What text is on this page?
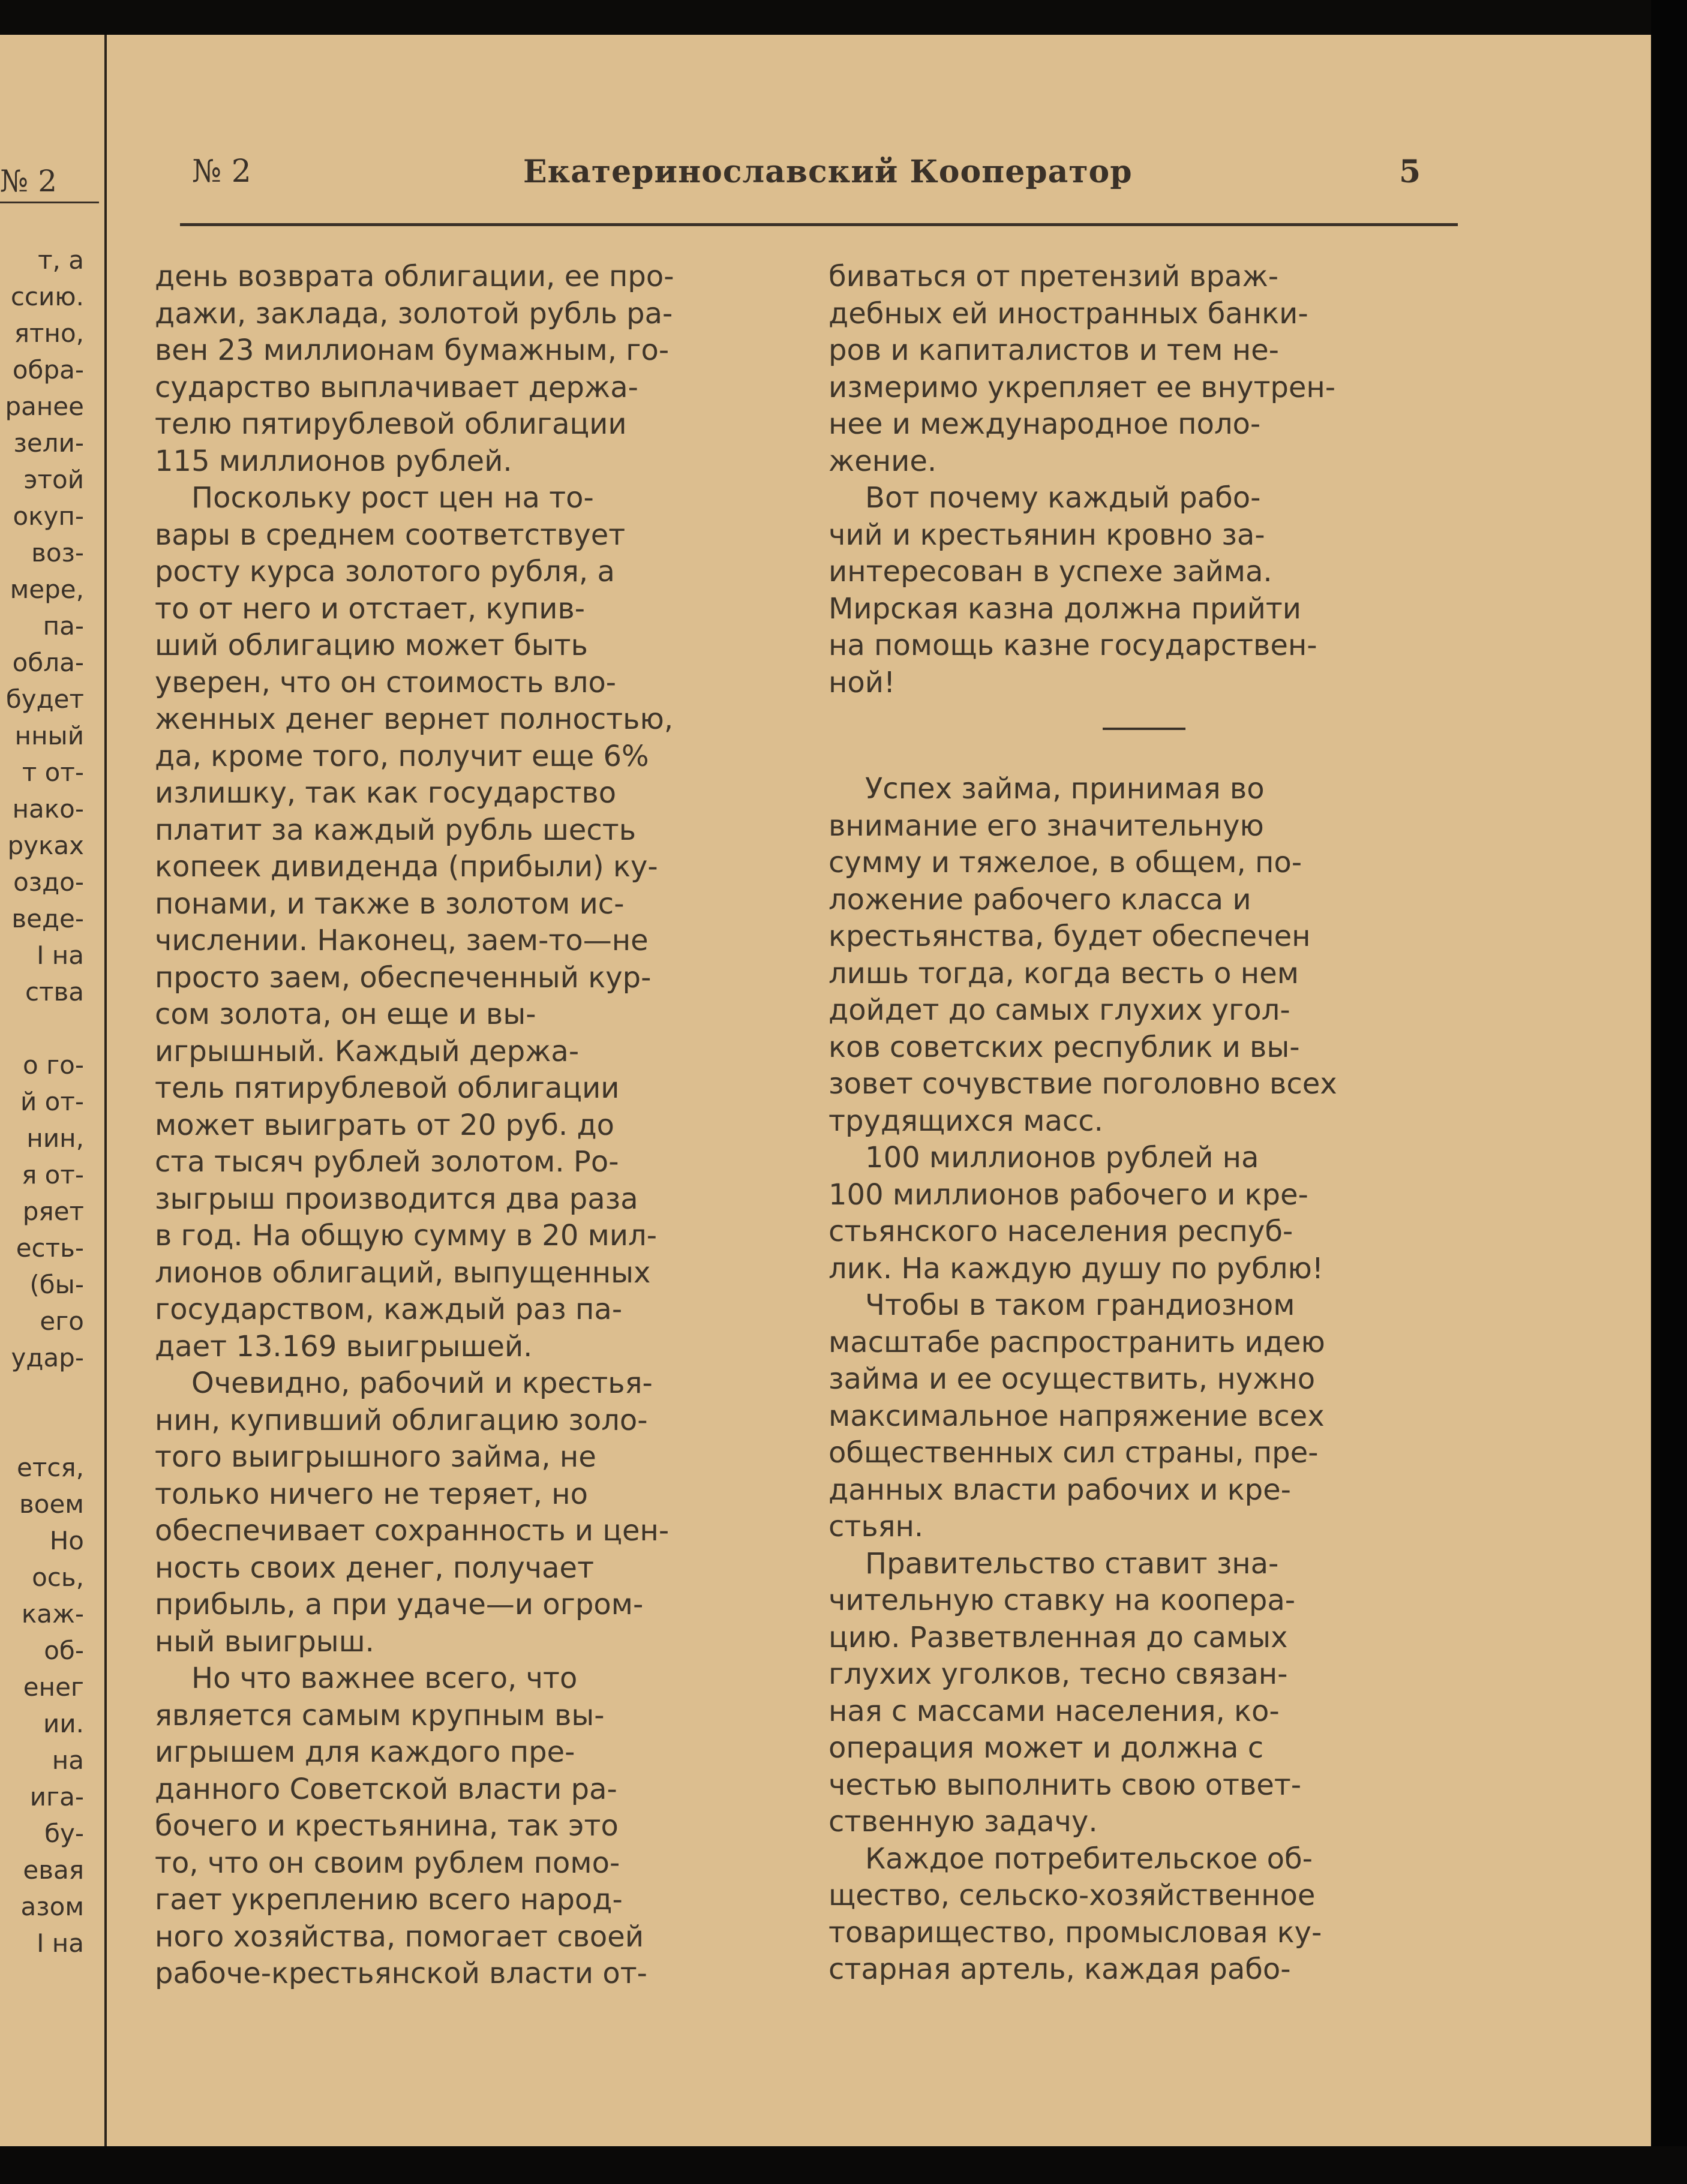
№ 2
т, а
ссию.
ятно,
обра-
ранее
зели-
этой
окуп-
воз-
мере,
па-
обла-
будет
нный
т от-
нако-
руках
оздо-
веде-
I на
ства
о го-
й от-
нин,
я от-
ряет
есть-
(бы-
его
удар-
ется,
воем
Но
ось,
каж-
об-
енег
ии.
на
ига-
бу-
евая
азом
I на
№ 2	Екатеринославский Кооператор	5
день возврата облигации, ее про-
дажи, заклада, золотой рубль ра-
вен 23 миллионам бумажным, го-
сударство выплачивает держа-
телю пятирублевой облигации
115 миллионов рублей.
Поскольку рост цен на то-
вары в среднем соответствует
росту курса золотого рубля, а
то от него и отстает, купив-
ший облигацию может быть
уверен, что он стоимость вло-
женных денег вернет полностью,
да, кроме того, получит еще 6%
излишку, так как государство
платит за каждый рубль шесть
копеек дивиденда (прибыли) ку-
понами, и также в золотом ис-
числении. Наконец, заем-то—не
просто заем, обеспеченный кур-
сом золота, он еще и вы-
игрышный. Каждый держа-
тель пятирублевой облигации
может выиграть от 20 руб. до
ста тысяч рублей золотом. Ро-
зыгрыш производится два раза
в год. На общую сумму в 20 мил-
лионов облигаций, выпущенных
государством, каждый раз па-
дает 13.169 выигрышей.
Очевидно, рабочий и крестья-
нин, купивший облигацию золо-
того выигрышного займа, не
только ничего не теряет, но
обеспечивает сохранность и цен-
ность своих денег, получает
прибыль, а при удаче—и огром-
ный выигрыш.
Но что важнее всего, что
является самым крупным вы-
игрышем для каждого пре-
данного Советской власти ра-
бочего и крестьянина, так это
то, что он своим рублем помо-
гает укреплению всего народ-
ного хозяйства, помогает своей
рабоче-крестьянской власти от-
биваться от претензий враж-
дебных ей иностранных банки-
ров и капиталистов и тем не-
измеримо укрепляет ее внутрен-
нее и международное поло-
жение.
Вот почему каждый рабо-
чий и крестьянин кровно за-
интересован в успехе займа.
Мирская казна должна прийти
на помощь казне государствен-
ной!
Успех займа, принимая во
внимание его значительную
сумму и тяжелое, в общем, по-
ложение рабочего класса и
крестьянства, будет обеспечен
лишь тогда, когда весть о нем
дойдет до самых глухих угол-
ков советских республик и вы-
зовет сочувствие поголовно всех
трудящихся масс.
100 миллионов рублей на
100 миллионов рабочего и кре-
стьянского населения респуб-
лик. На каждую душу по рублю!
Чтобы в таком грандиозном
масштабе распространить идею
займа и ее осуществить, нужно
максимальное напряжение всех
общественных сил страны, пре-
данных власти рабочих и кре-
стьян.
Правительство ставит зна-
чительную ставку на коопера-
цию. Разветвленная до самых
глухих уголков, тесно связан-
ная с массами населения, ко-
операция может и должна с
честью выполнить свою ответ-
ственную задачу.
Каждое потребительское об-
щество, сельско-хозяйственное
товарищество, промысловая ку-
старная артель, каждая рабо-
